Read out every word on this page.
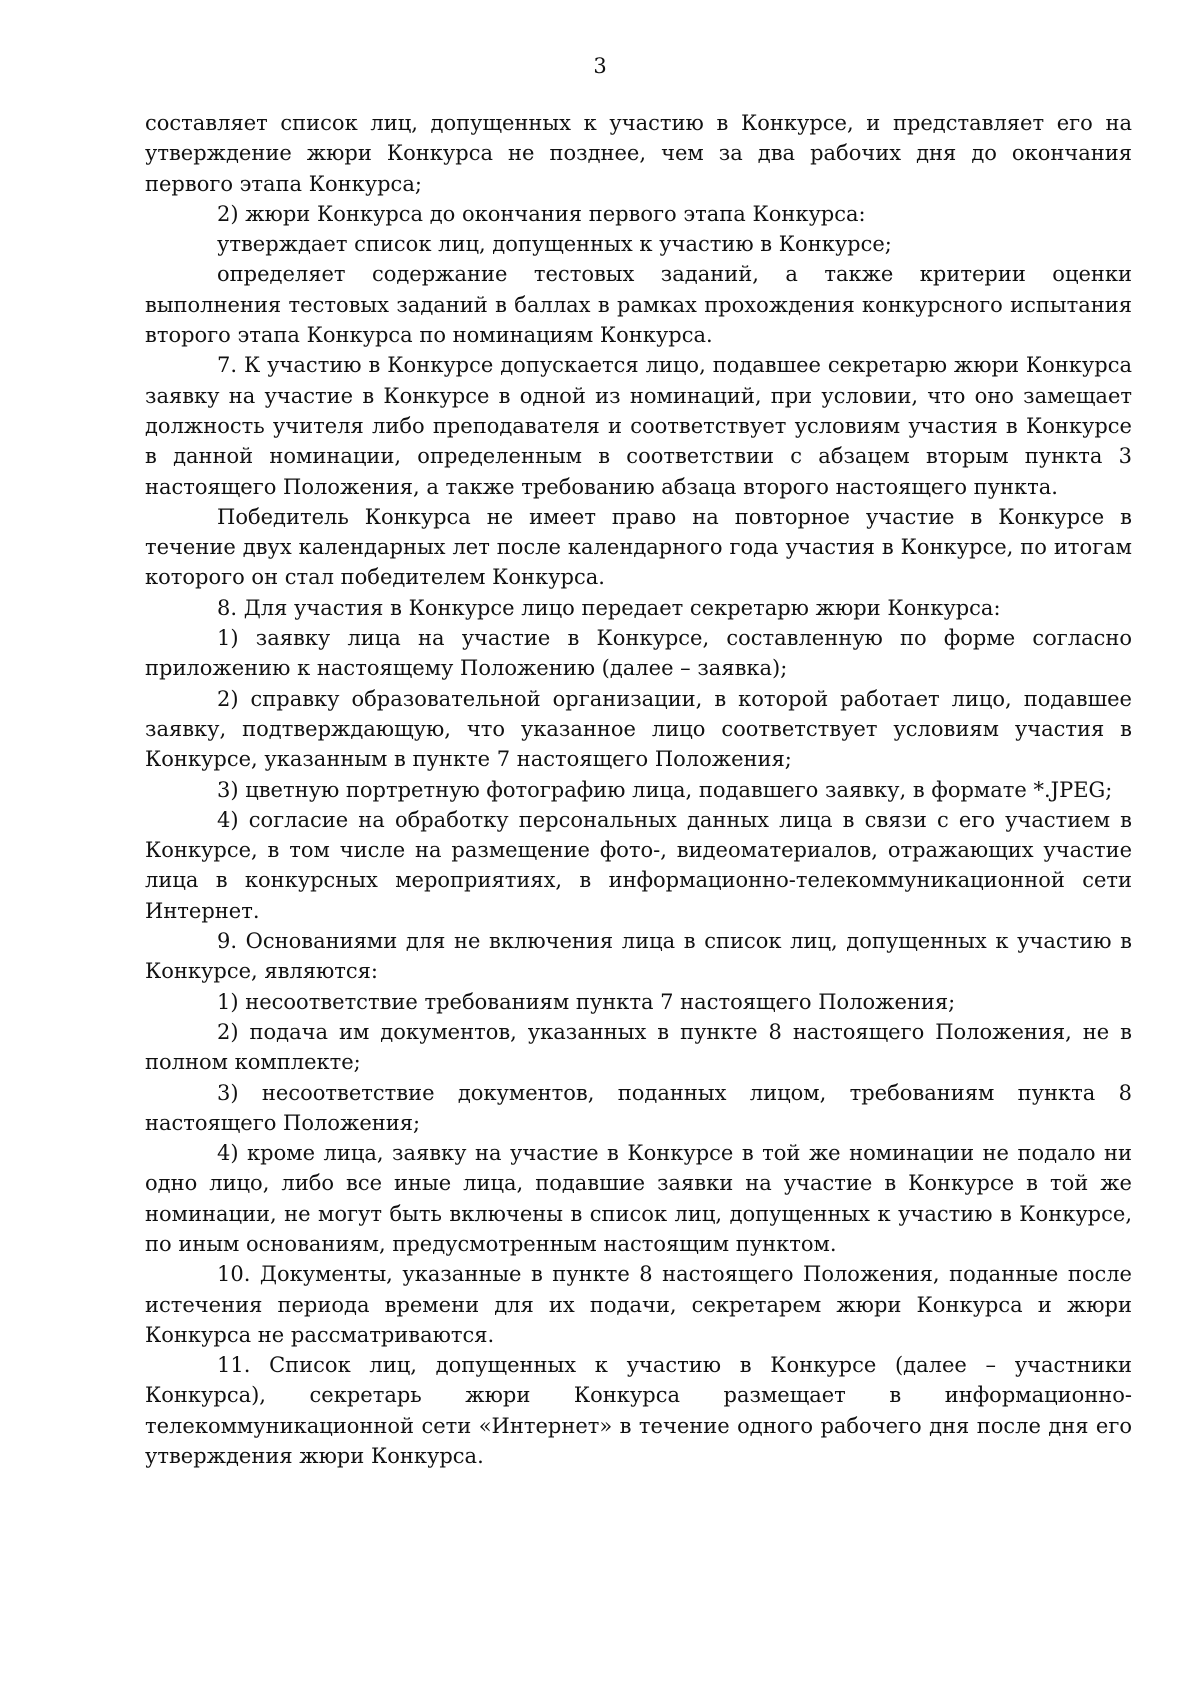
3

составляет список лиц, допущенных к участию в Конкурсе, и представляет его на утверждение жюри Конкурса не позднее, чем за два рабочих дня до окончания первого этапа Конкурса;

2) жюри Конкурса до окончания первого этапа Конкурса:

утверждает список лиц, допущенных к участию в Конкурсе;

определяет содержание тестовых заданий, а также критерии оценки выполнения тестовых заданий в баллах в рамках прохождения конкурсного испытания второго этапа Конкурса по номинациям Конкурса.

7. К участию в Конкурсе допускается лицо, подавшее секретарю жюри Конкурса заявку на участие в Конкурсе в одной из номинаций, при условии, что оно замещает должность учителя либо преподавателя и соответствует условиям участия в Конкурсе в данной номинации, определенным в соответствии с абзацем вторым пункта 3 настоящего Положения, а также требованию абзаца второго настоящего пункта.

Победитель Конкурса не имеет право на повторное участие в Конкурсе в течение двух календарных лет после календарного года участия в Конкурсе, по итогам которого он стал победителем Конкурса.

8. Для участия в Конкурсе лицо передает секретарю жюри Конкурса:

1) заявку лица на участие в Конкурсе, составленную по форме согласно приложению к настоящему Положению (далее – заявка);

2) справку образовательной организации, в которой работает лицо, подавшее заявку, подтверждающую, что указанное лицо соответствует условиям участия в Конкурсе, указанным в пункте 7 настоящего Положения;

3) цветную портретную фотографию лица, подавшего заявку, в формате *.JPEG;

4) согласие на обработку персональных данных лица в связи с его участием в Конкурсе, в том числе на размещение фото-, видеоматериалов, отражающих участие лица в конкурсных мероприятиях, в информационно-телекоммуникационной сети Интернет.

9. Основаниями для не включения лица в список лиц, допущенных к участию в Конкурсе, являются:

1) несоответствие требованиям пункта 7 настоящего Положения;

2) подача им документов, указанных в пункте 8 настоящего Положения, не в полном комплекте;

3) несоответствие документов, поданных лицом, требованиям пункта 8 настоящего Положения;

4) кроме лица, заявку на участие в Конкурсе в той же номинации не подало ни одно лицо, либо все иные лица, подавшие заявки на участие в Конкурсе в той же номинации, не могут быть включены в список лиц, допущенных к участию в Конкурсе, по иным основаниям, предусмотренным настоящим пунктом.

10. Документы, указанные в пункте 8 настоящего Положения, поданные после истечения периода времени для их подачи, секретарем жюри Конкурса и жюри Конкурса не рассматриваются.

11. Список лиц, допущенных к участию в Конкурсе (далее – участники Конкурса), секретарь жюри Конкурса размещает в информационно-телекоммуникационной сети «Интернет» в течение одного рабочего дня после дня его утверждения жюри Конкурса.
